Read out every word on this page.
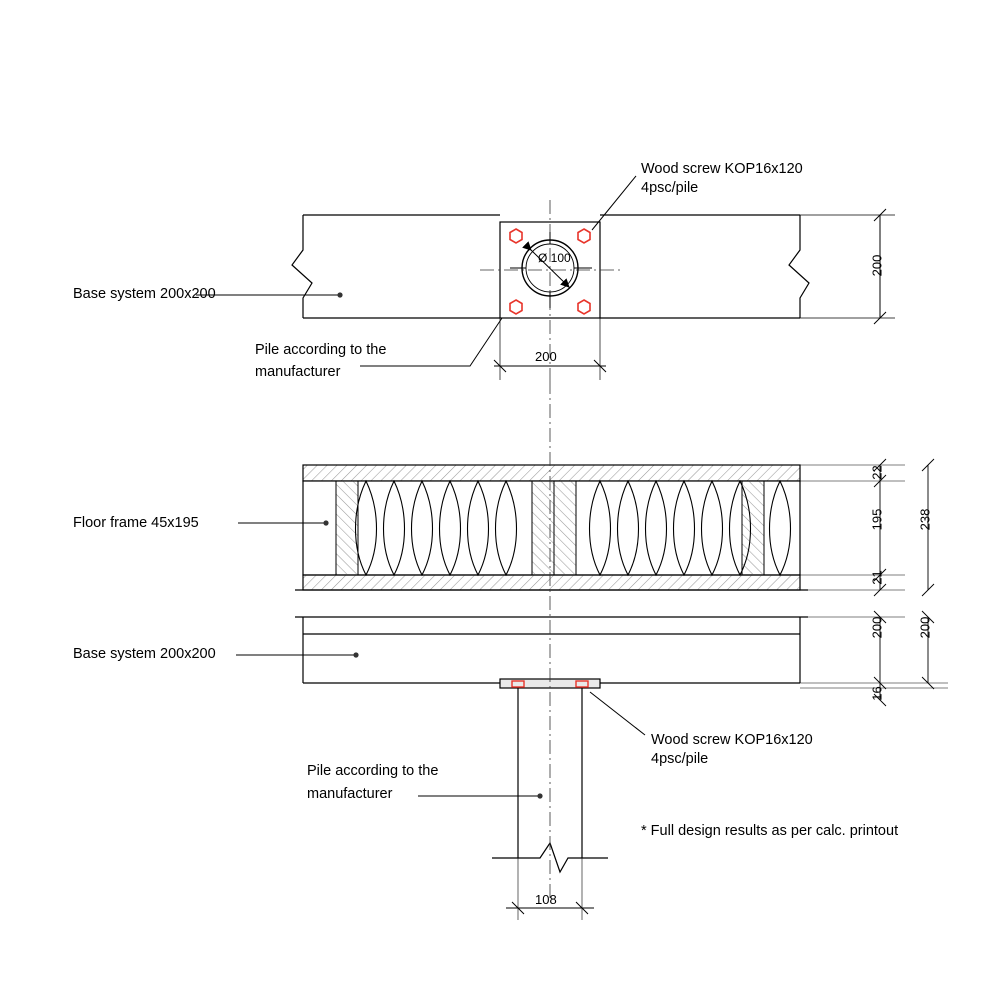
Wood screw KOP16x120
4psc/pile
Base system 200x200
Pile according to the
manufacturer
Floor frame 45x195
Base system 200x200
Pile according to the
manufacturer
Wood screw KOP16x120
4psc/pile
* Full design results as per calc. printout
Ø 100	200
200
22
195
21
200
16
238
200
108
